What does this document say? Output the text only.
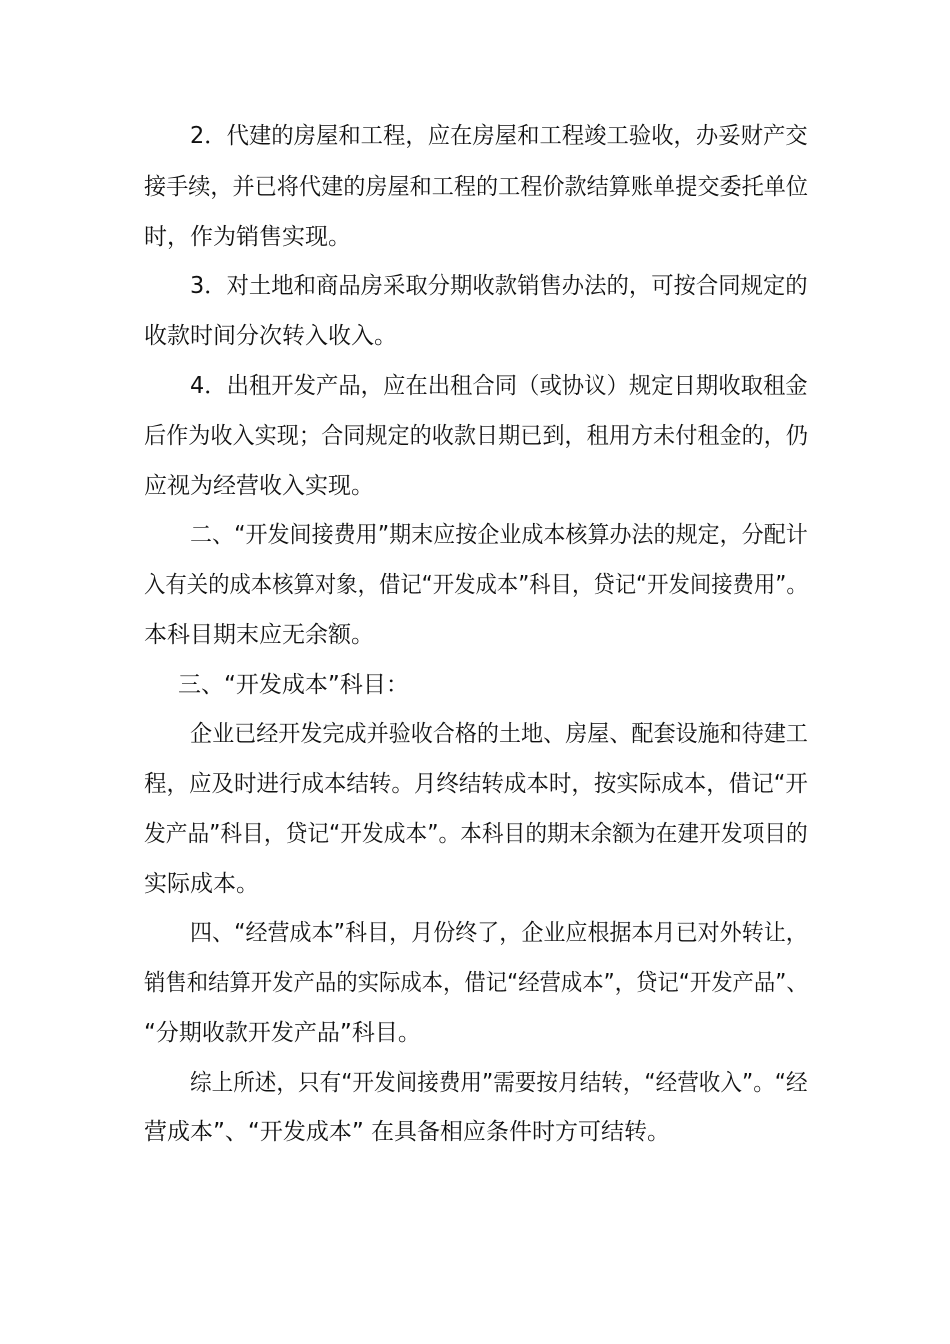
2．代建的房屋和工程，应在房屋和工程竣工验收，办妥财产交
接手续，并已将代建的房屋和工程的工程价款结算账单提交委托单位
时，作为销售实现。
3．对土地和商品房采取分期收款销售办法的，可按合同规定的
收款时间分次转入收入。
4．出租开发产品，应在出租合同（或协议）规定日期收取租金
后作为收入实现；合同规定的收款日期已到，租用方未付租金的，仍
应视为经营收入实现。
二、“开发间接费用”期末应按企业成本核算办法的规定，分配计
入有关的成本核算对象，借记“开发成本”科目，贷记“开发间接费用”。
本科目期末应无余额。
三、“开发成本”科目：
企业已经开发完成并验收合格的土地、房屋、配套设施和待建工
程，应及时进行成本结转。月终结转成本时，按实际成本，借记“开
发产品”科目，贷记“开发成本”。本科目的期末余额为在建开发项目的
实际成本。
四、“经营成本”科目，月份终了，企业应根据本月已对外转让，
销售和结算开发产品的实际成本，借记“经营成本”，贷记“开发产品”、
“分期收款开发产品”科目。
综上所述，只有“开发间接费用”需要按月结转，“经营收入”。“经
营成本”、“开发成本” 在具备相应条件时方可结转。
